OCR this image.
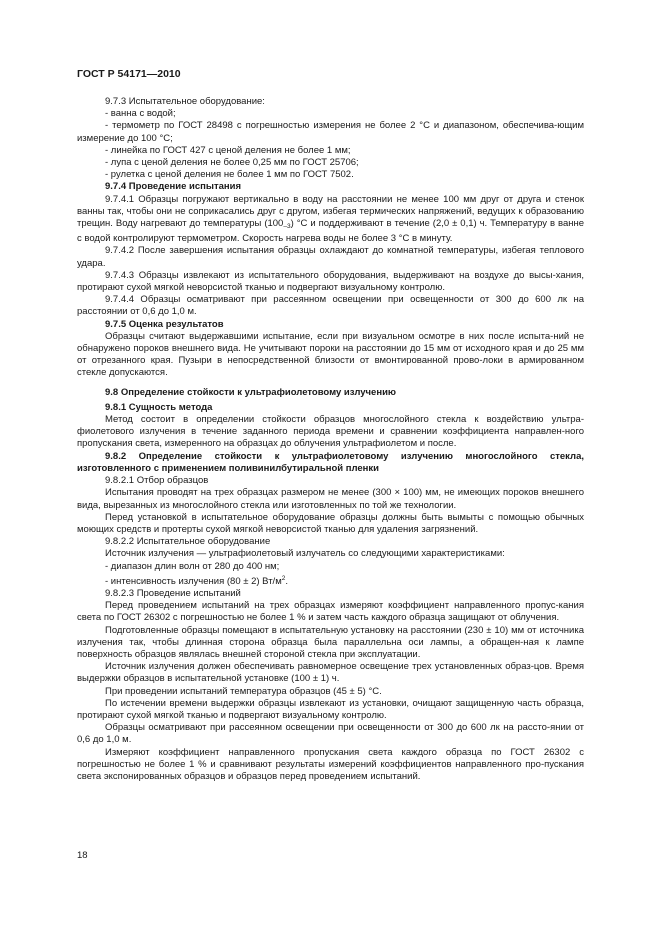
ГОСТ Р 54171—2010

9.7.3 Испытательное оборудование:

- ванна с водой;

- термометр по ГОСТ 28498 с погрешностью измерения не более 2 °С и диапазоном, обеспечива-ющим измерение до 100 °С;

- линейка по ГОСТ 427 с ценой деления не более 1 мм;

- лупа с ценой деления не более 0,25 мм по ГОСТ 25706;

- рулетка с ценой деления не более 1 мм по ГОСТ 7502.

9.7.4 Проведение испытания

9.7.4.1 Образцы погружают вертикально в воду на расстоянии не менее 100 мм друг от друга и стенок ванны так, чтобы они не соприкасались друг с другом, избегая термических напряжений, ведущих к образованию трещин. Воду нагревают до температуры $(100_{-3})$ °С и поддерживают в течение (2,0 ± 0,1) ч. Температуру в ванне с водой контролируют термометром. Скорость нагрева воды не более 3 °С в минуту.

9.7.4.2 После завершения испытания образцы охлаждают до комнатной температуры, избегая теплового удара.

9.7.4.3 Образцы извлекают из испытательного оборудования, выдерживают на воздухе до высы-хания, протирают сухой мягкой неворсистой тканью и подвергают визуальному контролю.

9.7.4.4 Образцы осматривают при рассеянном освещении при освещенности от 300 до 600 лк на расстоянии от 0,6 до 1,0 м.

9.7.5 Оценка результатов

Образцы считают выдержавшими испытание, если при визуальном осмотре в них после испыта-ний не обнаружено пороков внешнего вида. Не учитывают пороки на расстоянии до 15 мм от исходного края и до 25 мм от отрезанного края. Пузыри в непосредственной близости от вмонтированной прово-локи в армированном стекле допускаются.

9.8 Определение стойкости к ультрафиолетовому излучению

9.8.1 Сущность метода

Метод состоит в определении стойкости образцов многослойного стекла к воздействию ультра-фиолетового излучения в течение заданного периода времени и сравнении коэффициента направлен-ного пропускания света, измеренного на образцах до облучения ультрафиолетом и после.

9.8.2 Определение стойкости к ультрафиолетовому излучению многослойного стекла, изготовленного с применением поливинилбутиральной пленки

9.8.2.1 Отбор образцов

Испытания проводят на трех образцах размером не менее (300 × 100) мм, не имеющих пороков внешнего вида, вырезанных из многослойного стекла или изготовленных по той же технологии.

Перед установкой в испытательное оборудование образцы должны быть вымыты с помощью обычных моющих средств и протерты сухой мягкой неворсистой тканью для удаления загрязнений.

9.8.2.2 Испытательное оборудование

Источник излучения — ультрафиолетовый излучатель со следующими характеристиками:

- диапазон длин волн от 280 до 400 нм;

- интенсивность излучения (80 ± 2) $Вт/м^2$.

9.8.2.3 Проведение испытаний

Перед проведением испытаний на трех образцах измеряют коэффициент направленного пропус-кания света по ГОСТ 26302 с погрешностью не более 1 % и затем часть каждого образца защищают от облучения.

Подготовленные образцы помещают в испытательную установку на расстоянии (230 ± 10) мм от источника излучения так, чтобы длинная сторона образца была параллельна оси лампы, а обращен-ная к лампе поверхность образцов являлась внешней стороной стекла при эксплуатации.

Источник излучения должен обеспечивать равномерное освещение трех установленных образ-цов. Время выдержки образцов в испытательной установке (100 ± 1) ч.

При проведении испытаний температура образцов (45 ± 5) °С.

По истечении времени выдержки образцы извлекают из установки, очищают защищенную часть образца, протирают сухой мягкой тканью и подвергают визуальному контролю.

Образцы осматривают при рассеянном освещении при освещенности от 300 до 600 лк на рассто-янии от 0,6 до 1,0 м.

Измеряют коэффициент направленного пропускания света каждого образца по ГОСТ 26302 с погрешностью не более 1 % и сравнивают результаты измерений коэффициентов направленного про-пускания света экспонированных образцов и образцов перед проведением испытаний.

18
